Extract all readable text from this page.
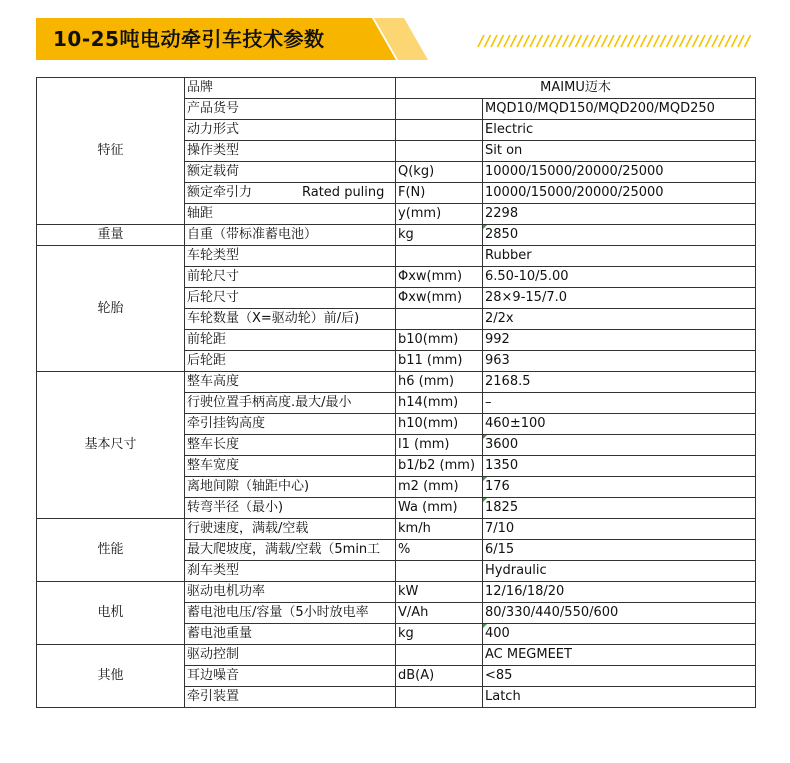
10-25吨电动牵引车技术参数
特征	品牌	MAIMU迈木	
	产品货号		MQD10/MQD150/MQD200/MQD250
	动力形式		Electric
	操作类型		Sit on
	额定载荷	Q(kg)	10000/15000/20000/25000
	额定牵引力 Rated puling	F(N)	10000/15000/20000/25000
	轴距	y(mm)	2298
重量	自重（带标准蓄电池）	kg	2850
轮胎	车轮类型		Rubber
	前轮尺寸	Φxw(mm)	6.50-10/5.00
	后轮尺寸	Φxw(mm)	28×9-15/7.0
	车轮数量（X=驱动轮）前/后)		2/2x
	前轮距	b10(mm)	992
	后轮距	b11 (mm)	963
基本尺寸	整车高度	h6 (mm)	2168.5
	行驶位置手柄高度.最大/最小	h14(mm)	–
	牵引挂钩高度	h10(mm)	460±100
	整车长度	l1 (mm)	3600
	整车宽度	b1/b2 (mm)	1350
	离地间隙（轴距中心)	m2 (mm)	176
	转弯半径（最小)	Wa (mm)	1825
性能	行驶速度，满载/空载	km/h	7/10
	最大爬坡度，满载/空载（5min工	%	6/15
	刹车类型		Hydraulic
电机	驱动电机功率	kW	12/16/18/20
	蓄电池电压/容量（5小时放电率	V/Ah	80/330/440/550/600
	蓄电池重量	kg	400
其他	驱动控制		AC MEGMEET
	耳边噪音	dB(A)	<85
	牵引装置		Latch
